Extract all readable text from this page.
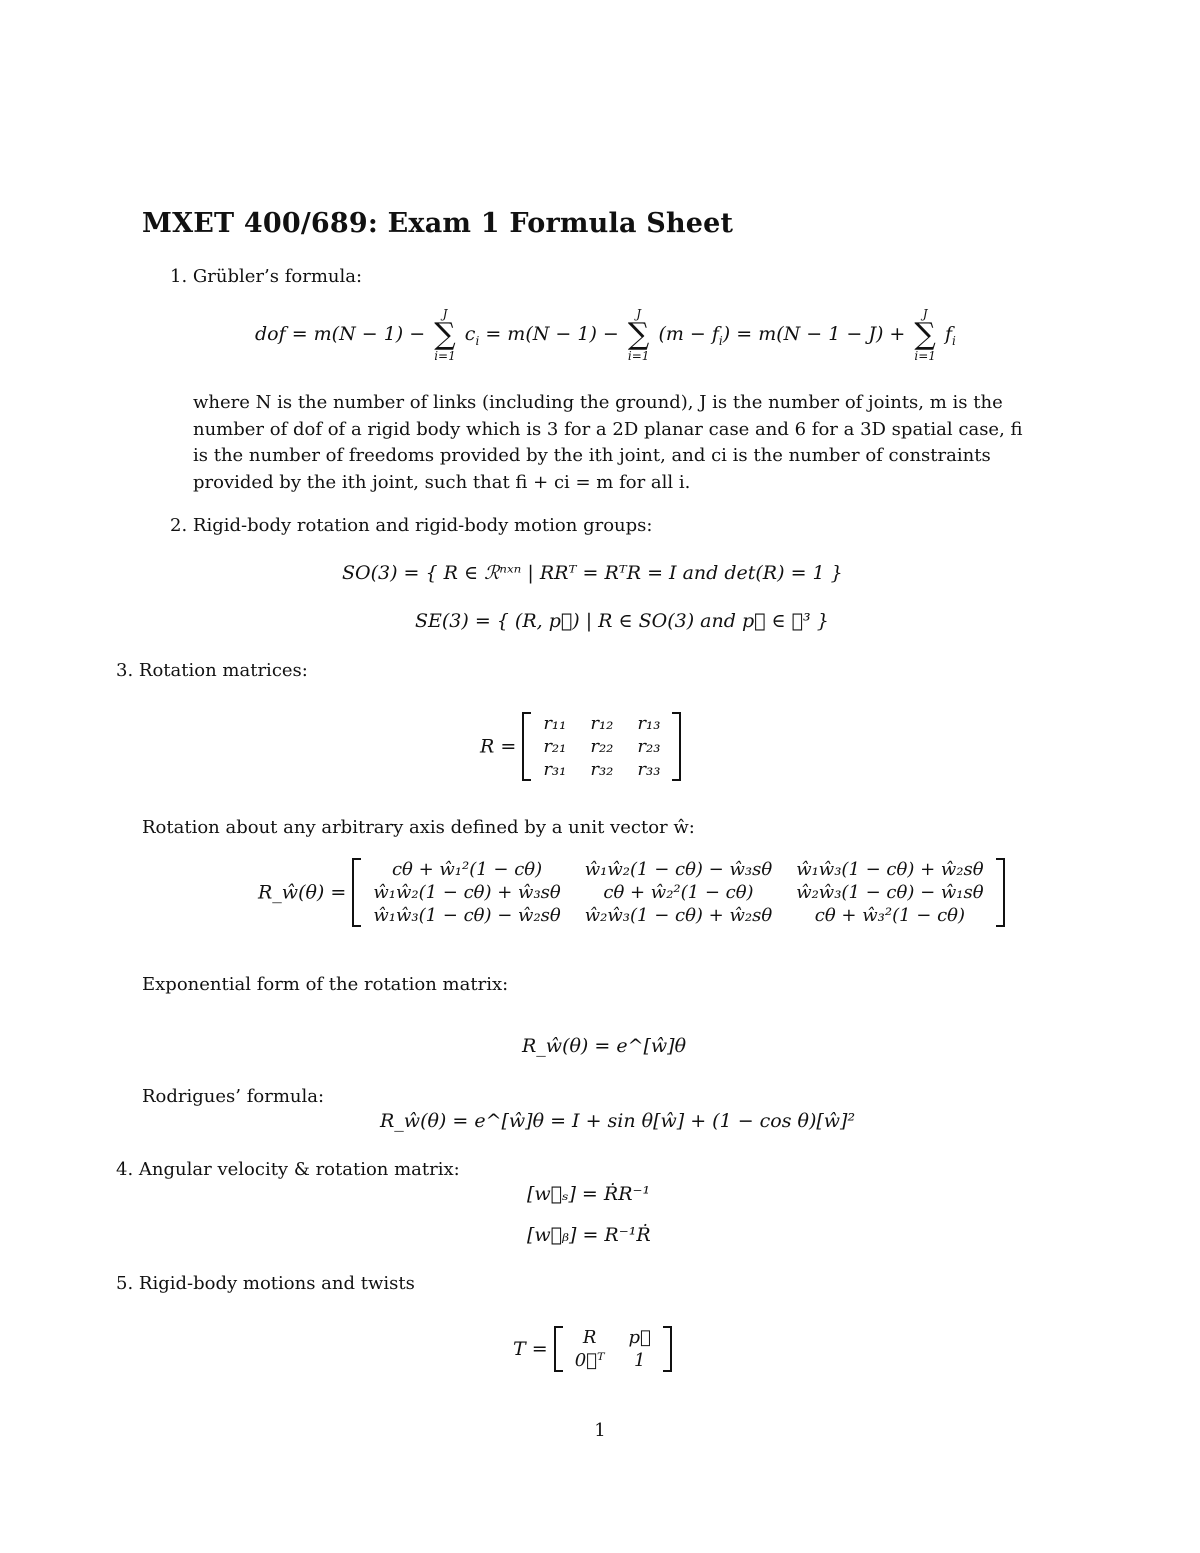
MXET 400/689: Exam 1 Formula Sheet
1. Grübler’s formula:
dof = m(N − 1) −
J
∑
i=1
$c_i = m(N - 1)$ −
J
∑
i=1
$(m - f_i) = m(N - 1 - J)$ +
J
∑
i=1
$f_i$
where N is the number of links (including the ground), J is the number of joints, m is the number of dof of a rigid body which is 3 for a 2D planar case and 6 for a 3D spatial case, fi is the number of freedoms provided by the ith joint, and ci is the number of constraints provided by the ith joint, such that fi + ci = m for all i.
2. Rigid-body rotation and rigid-body motion groups:
SO(3) = { R ∈ ℛⁿˣⁿ | RRᵀ = RᵀR = I and det(R) = 1 }
SE(3) = { (R, p⃗) | R ∈ SO(3) and p⃗ ∈ ℛ³ }
3. Rotation matrices:
R =
r₁₁	r₁₂	r₁₃
r₂₁	r₂₂	r₂₃
r₃₁	r₃₂	r₃₃
Rotation about any arbitrary axis defined by a unit vector ŵ:
R_ŵ(θ) =
cθ + ŵ₁²(1 − cθ)	ŵ₁ŵ₂(1 − cθ) − ŵ₃sθ	ŵ₁ŵ₃(1 − cθ) + ŵ₂sθ
ŵ₁ŵ₂(1 − cθ) + ŵ₃sθ	cθ + ŵ₂²(1 − cθ)	ŵ₂ŵ₃(1 − cθ) − ŵ₁sθ
ŵ₁ŵ₃(1 − cθ) − ŵ₂sθ	ŵ₂ŵ₃(1 − cθ) + ŵ₂sθ	cθ + ŵ₃²(1 − cθ)
Exponential form of the rotation matrix:
R_ŵ(θ) = e^[ŵ]θ
Rodrigues’ formula:
R_ŵ(θ) = e^[ŵ]θ = I + sin θ[ŵ] + (1 − cos θ)[ŵ]²
4. Angular velocity & rotation matrix:
[w⃗ₛ] = ṘR⁻¹
[w⃗ᵦ] = R⁻¹Ṙ
5. Rigid-body motions and twists
T =
R	p⃗
0⃗ᵀ	1
1
